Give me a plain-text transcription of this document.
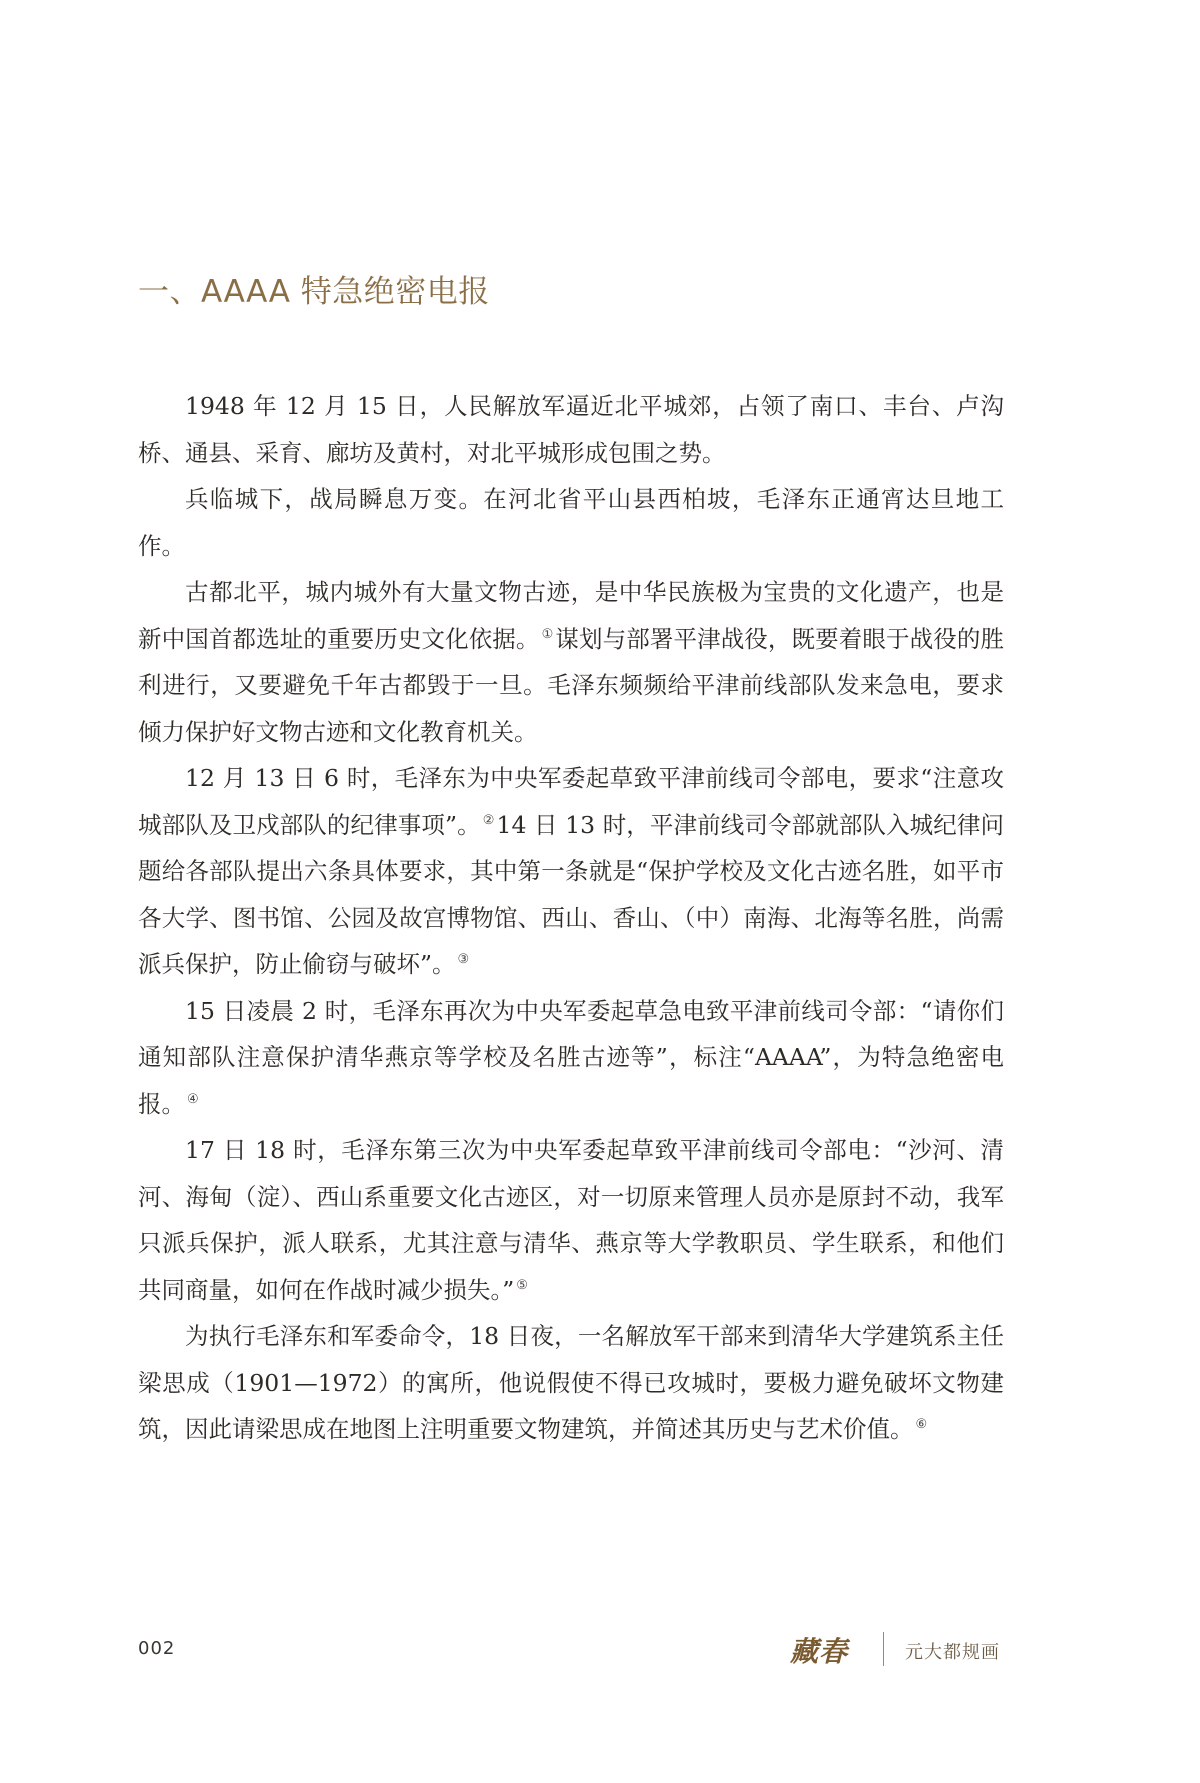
一、AAAA 特急绝密电报

1948 年 12 月 15 日，人民解放军逼近北平城郊，占领了南口、丰台、卢沟桥、通县、采育、廊坊及黄村，对北平城形成包围之势。

兵临城下，战局瞬息万变。在河北省平山县西柏坡，毛泽东正通宵达旦地工作。

古都北平，城内城外有大量文物古迹，是中华民族极为宝贵的文化遗产，也是新中国首都选址的重要历史文化依据。 ①谋划与部署平津战役，既要着眼于战役的胜利进行，又要避免千年古都毁于一旦。毛泽东频频给平津前线部队发来急电，要求倾力保护好文物古迹和文化教育机关。

12 月 13 日 6 时，毛泽东为中央军委起草致平津前线司令部电，要求“注意攻城部队及卫戍部队的纪律事项”。 ②14 日 13 时，平津前线司令部就部队入城纪律问题给各部队提出六条具体要求，其中第一条就是“保护学校及文化古迹名胜，如平市各大学、图书馆、公园及故宫博物馆、西山、香山、（中）南海、北海等名胜，尚需派兵保护，防止偷窃与破坏”。 ③

15 日凌晨 2 时，毛泽东再次为中央军委起草急电致平津前线司令部：“请你们通知部队注意保护清华燕京等学校及名胜古迹等”，标注“AAAA”，为特急绝密电报。 ④

17 日 18 时，毛泽东第三次为中央军委起草致平津前线司令部电：“沙河、清河、海甸（淀）、西山系重要文化古迹区，对一切原来管理人员亦是原封不动，我军只派兵保护，派人联系，尤其注意与清华、燕京等大学教职员、学生联系，和他们共同商量，如何在作战时减少损失。” ⑤

为执行毛泽东和军委命令，18 日夜，一名解放军干部来到清华大学建筑系主任梁思成（1901—1972）的寓所，他说假使不得已攻城时，要极力避免破坏文物建筑，因此请梁思成在地图上注明重要文物建筑，并简述其历史与艺术价值。 ⑥

002	藏春	元大都规画
